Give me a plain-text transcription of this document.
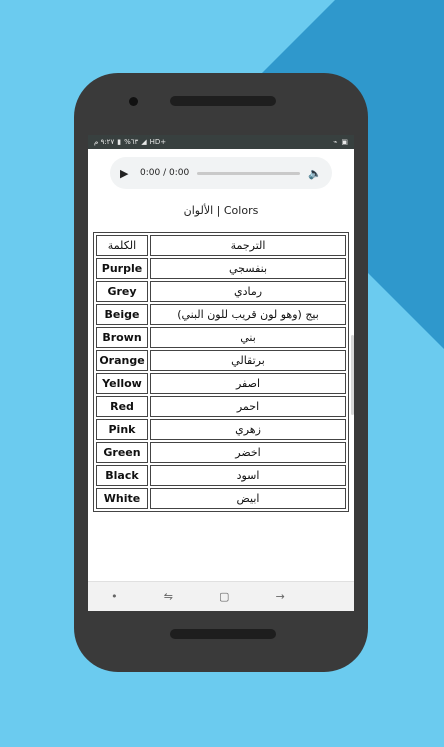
٩:٢٧ م ▮ %٦٣ ◢ HD+	⌁ ▣
▶	0:00 / 0:00	🔈
الألوان | Colors
الكلمة	الترجمة
Purple	بنفسجي
Grey	رمادي
Beige	بيج (وهو لون قريب للون البني)
Brown	بني
Orange	برتقالي
Yellow	اصفر
Red	احمر
Pink	زهري
Green	اخضر
Black	اسود
White	ابيض
•	⇋	▢	→
